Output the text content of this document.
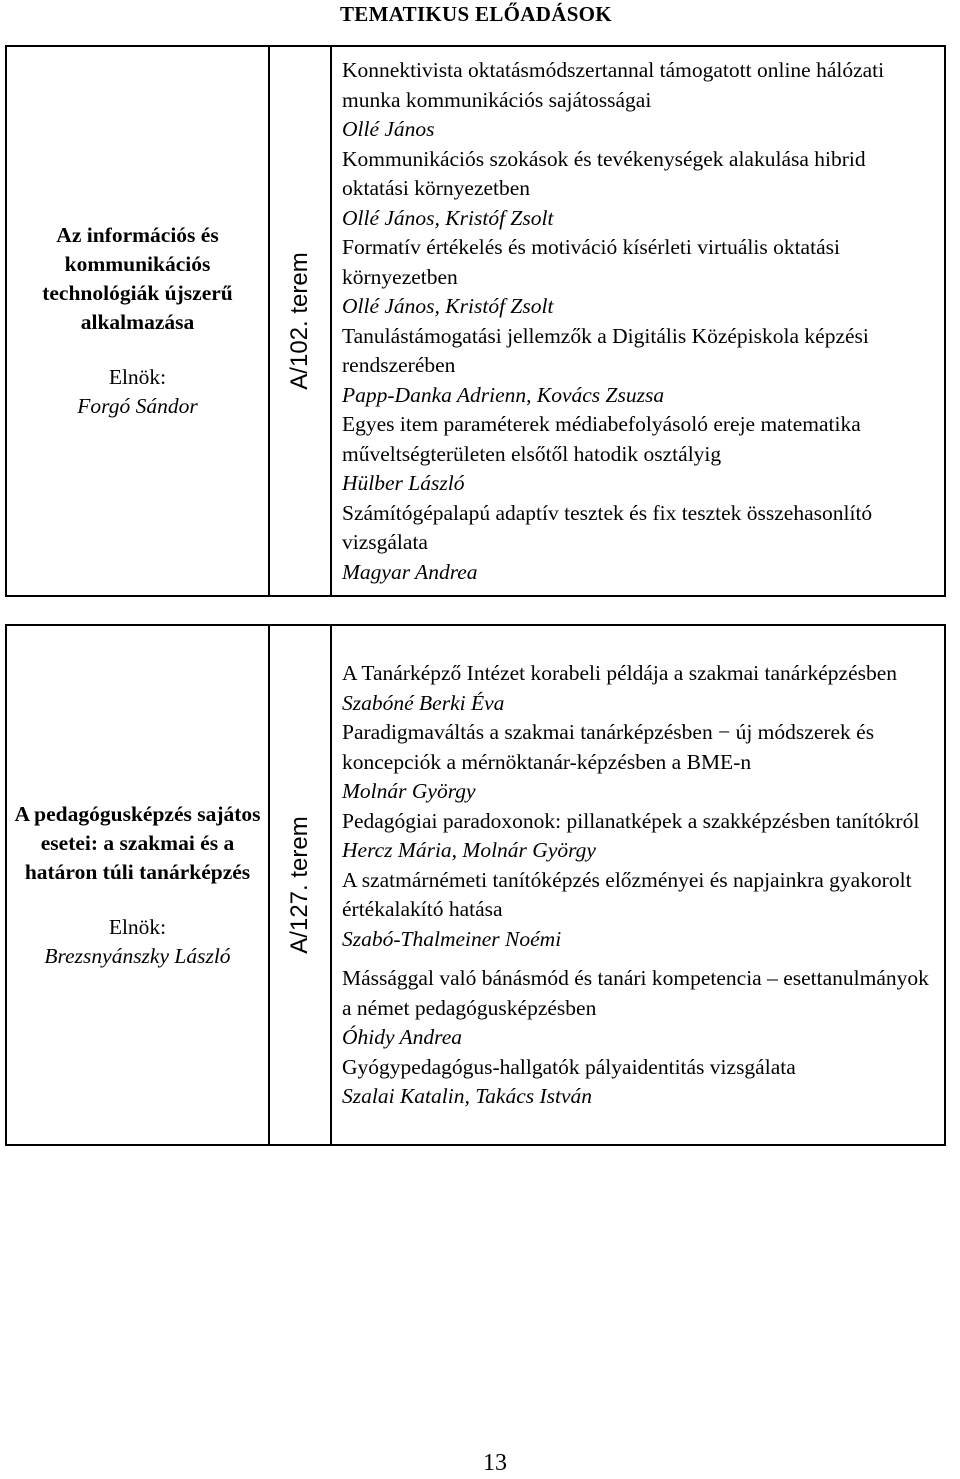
TEMATIKUS ELŐADÁSOK
Az információs és kommunikációs technológiák újszerű alkalmazása
Elnök:
Forgó Sándor

A/102. terem

Konnektivista oktatásmódszertannal támogatott online hálózati munka kommunikációs sajátosságai
Ollé János
Kommunikációs szokások és tevékenységek alakulása hibrid oktatási környezetben
Ollé János, Kristóf Zsolt
Formatív értékelés és motiváció kísérleti virtuális oktatási környezetben
Ollé János, Kristóf Zsolt
Tanulástámogatási jellemzők a Digitális Középiskola képzési rendszerében
Papp-Danka Adrienn, Kovács Zsuzsa
Egyes item paraméterek médiabefolyásoló ereje matematika műveltségterületen elsőtől hatodik osztályig
Hülber László
Számítógépalapú adaptív tesztek és fix tesztek összehasonlító vizsgálata
Magyar Andrea
A pedagógusképzés sajátos esetei: a szakmai és a határon túli tanárképzés
Elnök:
Brezsnyánszky László

A/127. terem

A Tanárképző Intézet korabeli példája a szakmai tanárképzésben
Szabóné Berki Éva
Paradigmaváltás a szakmai tanárképzésben − új módszerek és koncepciók a mérnöktanár-képzésben a BME-n
Molnár György
Pedagógiai paradoxonok: pillanatképek a szakképzésben tanítókról
Hercz Mária, Molnár György
A szatmárnémeti tanítóképzés előzményei és napjainkra gyakorolt értékalakító hatása
Szabó-Thalmeiner Noémi
Mássággal való bánásmód és tanári kompetencia – esettanulmányok a német pedagógusképzésben
Óhidy Andrea
Gyógypedagógus-hallgatók pályaidentitás vizsgálata
Szalai Katalin, Takács István
13
